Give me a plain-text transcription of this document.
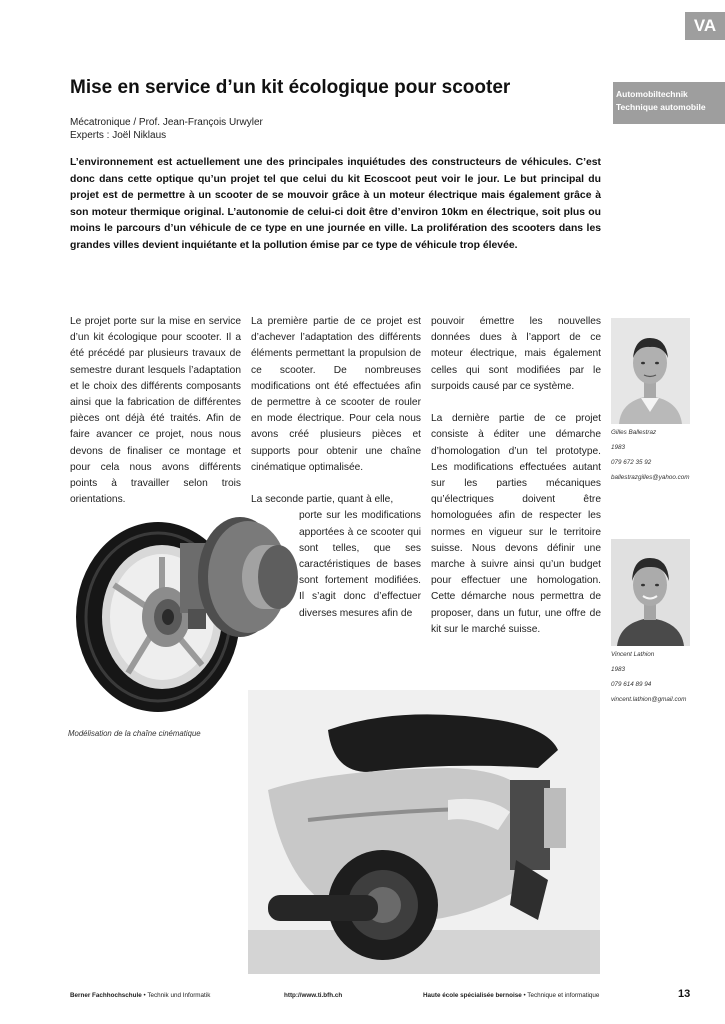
VA
Automobiltechnik
Technique automobile
Mise en service d’un kit écologique pour scooter
Mécatronique / Prof. Jean-François Urwyler
Experts : Joël Niklaus

L’environnement est actuellement une des principales inquiétudes des constructeurs de véhicules. C’est donc dans cette optique qu’un projet tel que celui du kit Ecoscoot peut voir le jour. Le but principal du projet est de permettre à un scooter de se mouvoir grâce à un moteur électrique mais également grâce à son moteur thermique original. L’autonomie de celui-ci doit être d’environ 10km en électrique, soit plus ou moins le parcours d’un véhicule de ce type en une journée en ville. La prolifération des scooters dans les grandes villes devient inquiétante et la pollution émise par ce type de véhicule trop élevée.

Le projet porte sur la mise en service d’un kit écologique pour scooter. Il a été précédé par plusieurs travaux de semestre durant lesquels l’adaptation et le choix des différents composants ainsi que la fabrication de différentes pièces ont déjà été traités. Afin de faire avancer ce projet, nous nous devons de finaliser ce montage et pour cela nous avons différents points à travailler selon trois orientations.

La première partie de ce projet est d’achever l’adaptation des différents éléments permettant la propulsion de ce scooter. De nombreuses modifications ont été effectuées afin de permettre à ce scooter de rouler en mode électrique. Pour cela nous avons créé plusieurs pièces et supports pour obtenir une chaîne cinématique optimalisée.

La seconde partie, quant à elle,
porte sur les modifications apportées à ce scooter qui sont telles, que ses caractéristiques de bases sont fortement modifiées. Il s’agit donc d’effectuer diverses mesures afin de

pouvoir émettre les nouvelles données dues à l’apport de ce moteur électrique, mais également celles qui sont modifiées par le surpoids causé par ce système.

La dernière partie de ce projet consiste à éditer une démarche d’homologation d’un tel prototype. Les modifications effectuées autant sur les parties mécaniques qu’électriques doivent être homologuées afin de respecter les normes en vigueur sur le territoire suisse. Nous devons définir une marche à suivre ainsi qu’un budget pour effectuer une homologation. Cette démarche nous permettra de proposer, dans un futur, une offre de kit sur le marché suisse.

Gilles Ballestraz
1983
079 672 35 92
ballestrazgilles@yahoo.com
Vincent Lathion
1983
079 614 89 94
vincent.lathion@gmail.com
Modélisation de la chaîne cinématique
Berner Fachhochschule • Technik und Informatik	http://www.ti.bfh.ch	Haute école spécialisée bernoise • Technique et informatique	13
